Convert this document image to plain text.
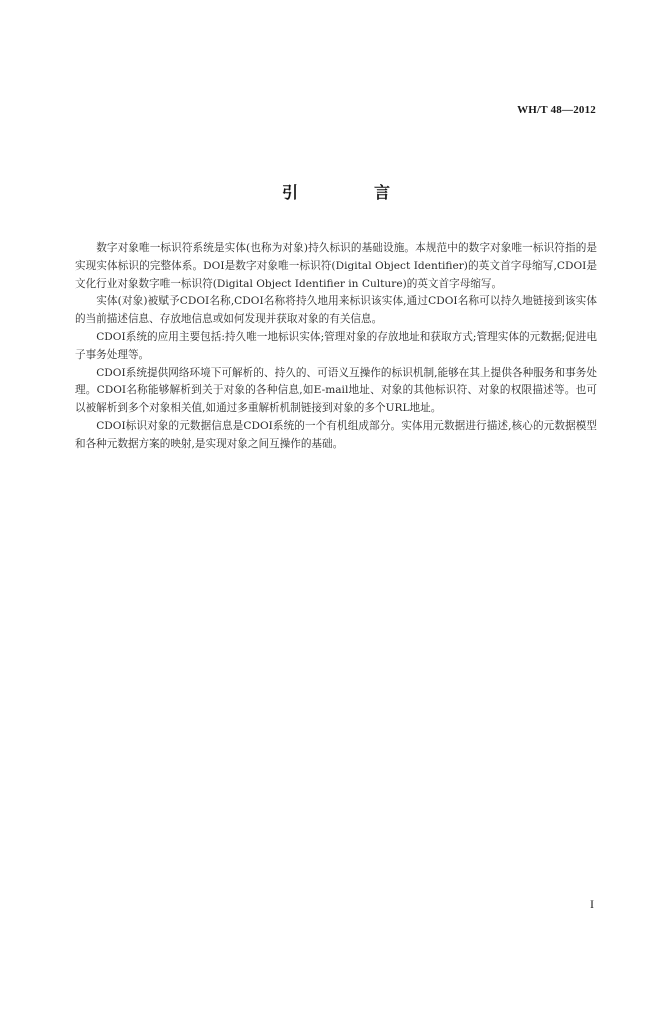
WH/T 48—2012
引　言

数字对象唯一标识符系统是实体(也称为对象)持久标识的基础设施。本规范中的数字对象唯一标识符指的是实现实体标识的完整体系。DOI是数字对象唯一标识符(Digital Object Identifier)的英文首字母缩写,CDOI是文化行业对象数字唯一标识符(Digital Object Identifier in Culture)的英文首字母缩写。

实体(对象)被赋予CDOI名称,CDOI名称将持久地用来标识该实体,通过CDOI名称可以持久地链接到该实体的当前描述信息、存放地信息或如何发现并获取对象的有关信息。

CDOI系统的应用主要包括:持久唯一地标识实体;管理对象的存放地址和获取方式;管理实体的元数据;促进电子事务处理等。

CDOI系统提供网络环境下可解析的、持久的、可语义互操作的标识机制,能够在其上提供各种服务和事务处理。CDOI名称能够解析到关于对象的各种信息,如E-mail地址、对象的其他标识符、对象的权限描述等。也可以被解析到多个对象相关值,如通过多重解析机制链接到对象的多个URL地址。

CDOI标识对象的元数据信息是CDOI系统的一个有机组成部分。实体用元数据进行描述,核心的元数据模型和各种元数据方案的映射,是实现对象之间互操作的基础。

I
